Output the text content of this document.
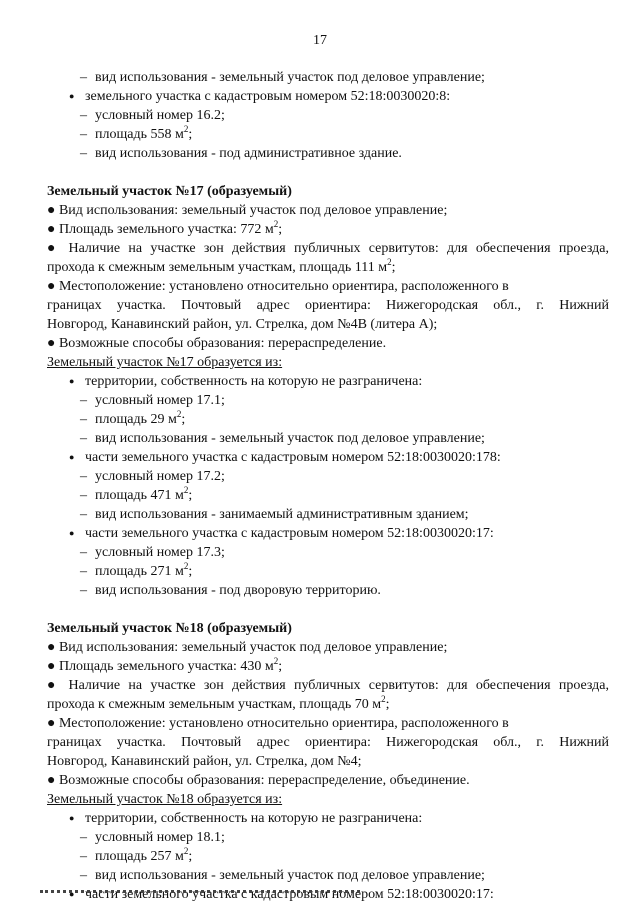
17
– вид использования - земельный участок под деловое управление;
● земельного участка с кадастровым номером 52:18:0030020:8:
– условный номер 16.2;
– площадь 558 $м^2$;
– вид использования - под административное здание.
Земельный участок №17 (образуемый)
● Вид использования: земельный участок под деловое управление;
● Площадь земельного участка: 772 $м^2$;
● Наличие на участке зон действия публичных сервитутов: для обеспечения проезда,
прохода к смежным земельным участкам, площадь 111 $м^2$;
● Местоположение: установлено относительно ориентира, расположенного в
границах участка. Почтовый адрес ориентира: Нижегородская обл., г. Нижний
Новгород, Канавинский район, ул. Стрелка, дом №4В (литера А);
● Возможные способы образования: перераспределение.
Земельный участок №17 образуется из:
● территории, собственность на которую не разграничена:
– условный номер 17.1;
– площадь 29 $м^2$;
– вид использования - земельный участок под деловое управление;
● части земельного участка с кадастровым номером 52:18:0030020:178:
– условный номер 17.2;
– площадь 471 $м^2$;
– вид использования - занимаемый административным зданием;
● части земельного участка с кадастровым номером 52:18:0030020:17:
– условный номер 17.3;
– площадь 271 $м^2$;
– вид использования - под дворовую территорию.
Земельный участок №18 (образуемый)
● Вид использования: земельный участок под деловое управление;
● Площадь земельного участка: 430 $м^2$;
● Наличие на участке зон действия публичных сервитутов: для обеспечения проезда,
прохода к смежным земельным участкам, площадь 70 $м^2$;
● Местоположение: установлено относительно ориентира, расположенного в
границах участка. Почтовый адрес ориентира: Нижегородская обл., г. Нижний
Новгород, Канавинский район, ул. Стрелка, дом №4;
● Возможные способы образования: перераспределение, объединение.
Земельный участок №18 образуется из:
● территории, собственность на которую не разграничена:
– условный номер 18.1;
– площадь 257 $м^2$;
– вид использования - земельный участок под деловое управление;
● части земельного участка с кадастровым номером 52:18:0030020:17:
